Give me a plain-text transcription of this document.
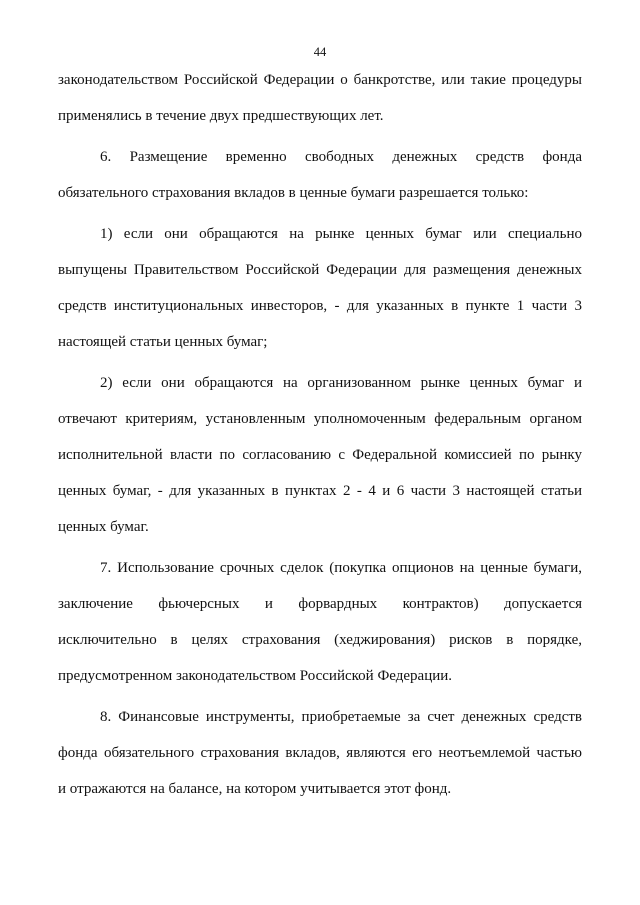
44
законодательством Российской Федерации о банкротстве, или такие процедуры
применялись в течение двух предшествующих лет.
6. Размещение временно свободных денежных средств фонда
обязательного страхования вкладов в ценные бумаги разрешается только:
1) если они обращаются на рынке ценных бумаг или специально
выпущены Правительством Российской Федерации для размещения денежных
средств институциональных инвесторов, - для указанных в пункте 1 части 3
настоящей статьи ценных бумаг;
2) если они обращаются на организованном рынке ценных бумаг и
отвечают критериям, установленным уполномоченным федеральным органом
исполнительной власти по согласованию с Федеральной комиссией по рынку
ценных бумаг, - для указанных в пунктах 2 - 4 и 6 части 3 настоящей статьи
ценных бумаг.
7. Использование срочных сделок (покупка опционов на ценные бумаги,
заключение фьючерсных и форвардных контрактов) допускается
исключительно в целях страхования (хеджирования) рисков в порядке,
предусмотренном законодательством Российской Федерации.
8. Финансовые инструменты, приобретаемые за счет денежных средств
фонда обязательного страхования вкладов, являются его неотъемлемой частью
и отражаются на балансе, на котором учитывается этот фонд.
